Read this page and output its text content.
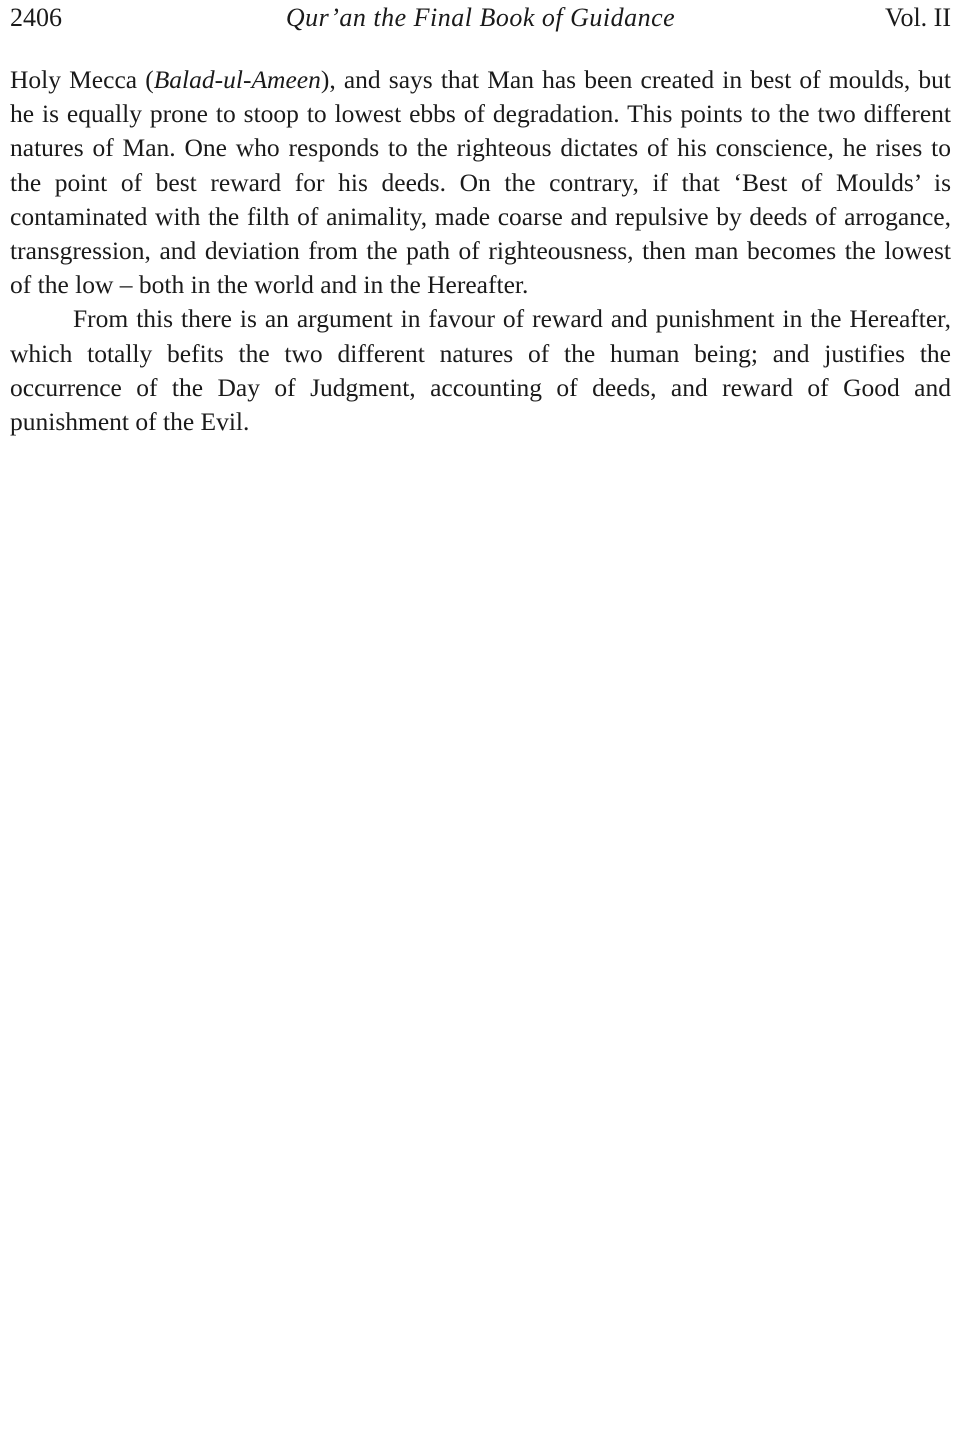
2406	Qur’an the Final Book of Guidance	Vol. II

Holy Mecca (Balad-ul-Ameen), and says that Man has been created in best of moulds, but he is equally prone to stoop to lowest ebbs of degradation. This points to the two different natures of Man. One who responds to the righteous dictates of his conscience, he rises to the point of best reward for his deeds. On the contrary, if that ‘Best of Moulds’ is contaminated with the filth of animality, made coarse and repulsive by deeds of arrogance, transgression, and deviation from the path of righteousness, then man becomes the lowest of the low – both in the world and in the Hereafter.

From this there is an argument in favour of reward and punishment in the Hereafter, which totally befits the two different natures of the human being; and justifies the occurrence of the Day of Judgment, accounting of deeds, and reward of Good and punishment of the Evil.
